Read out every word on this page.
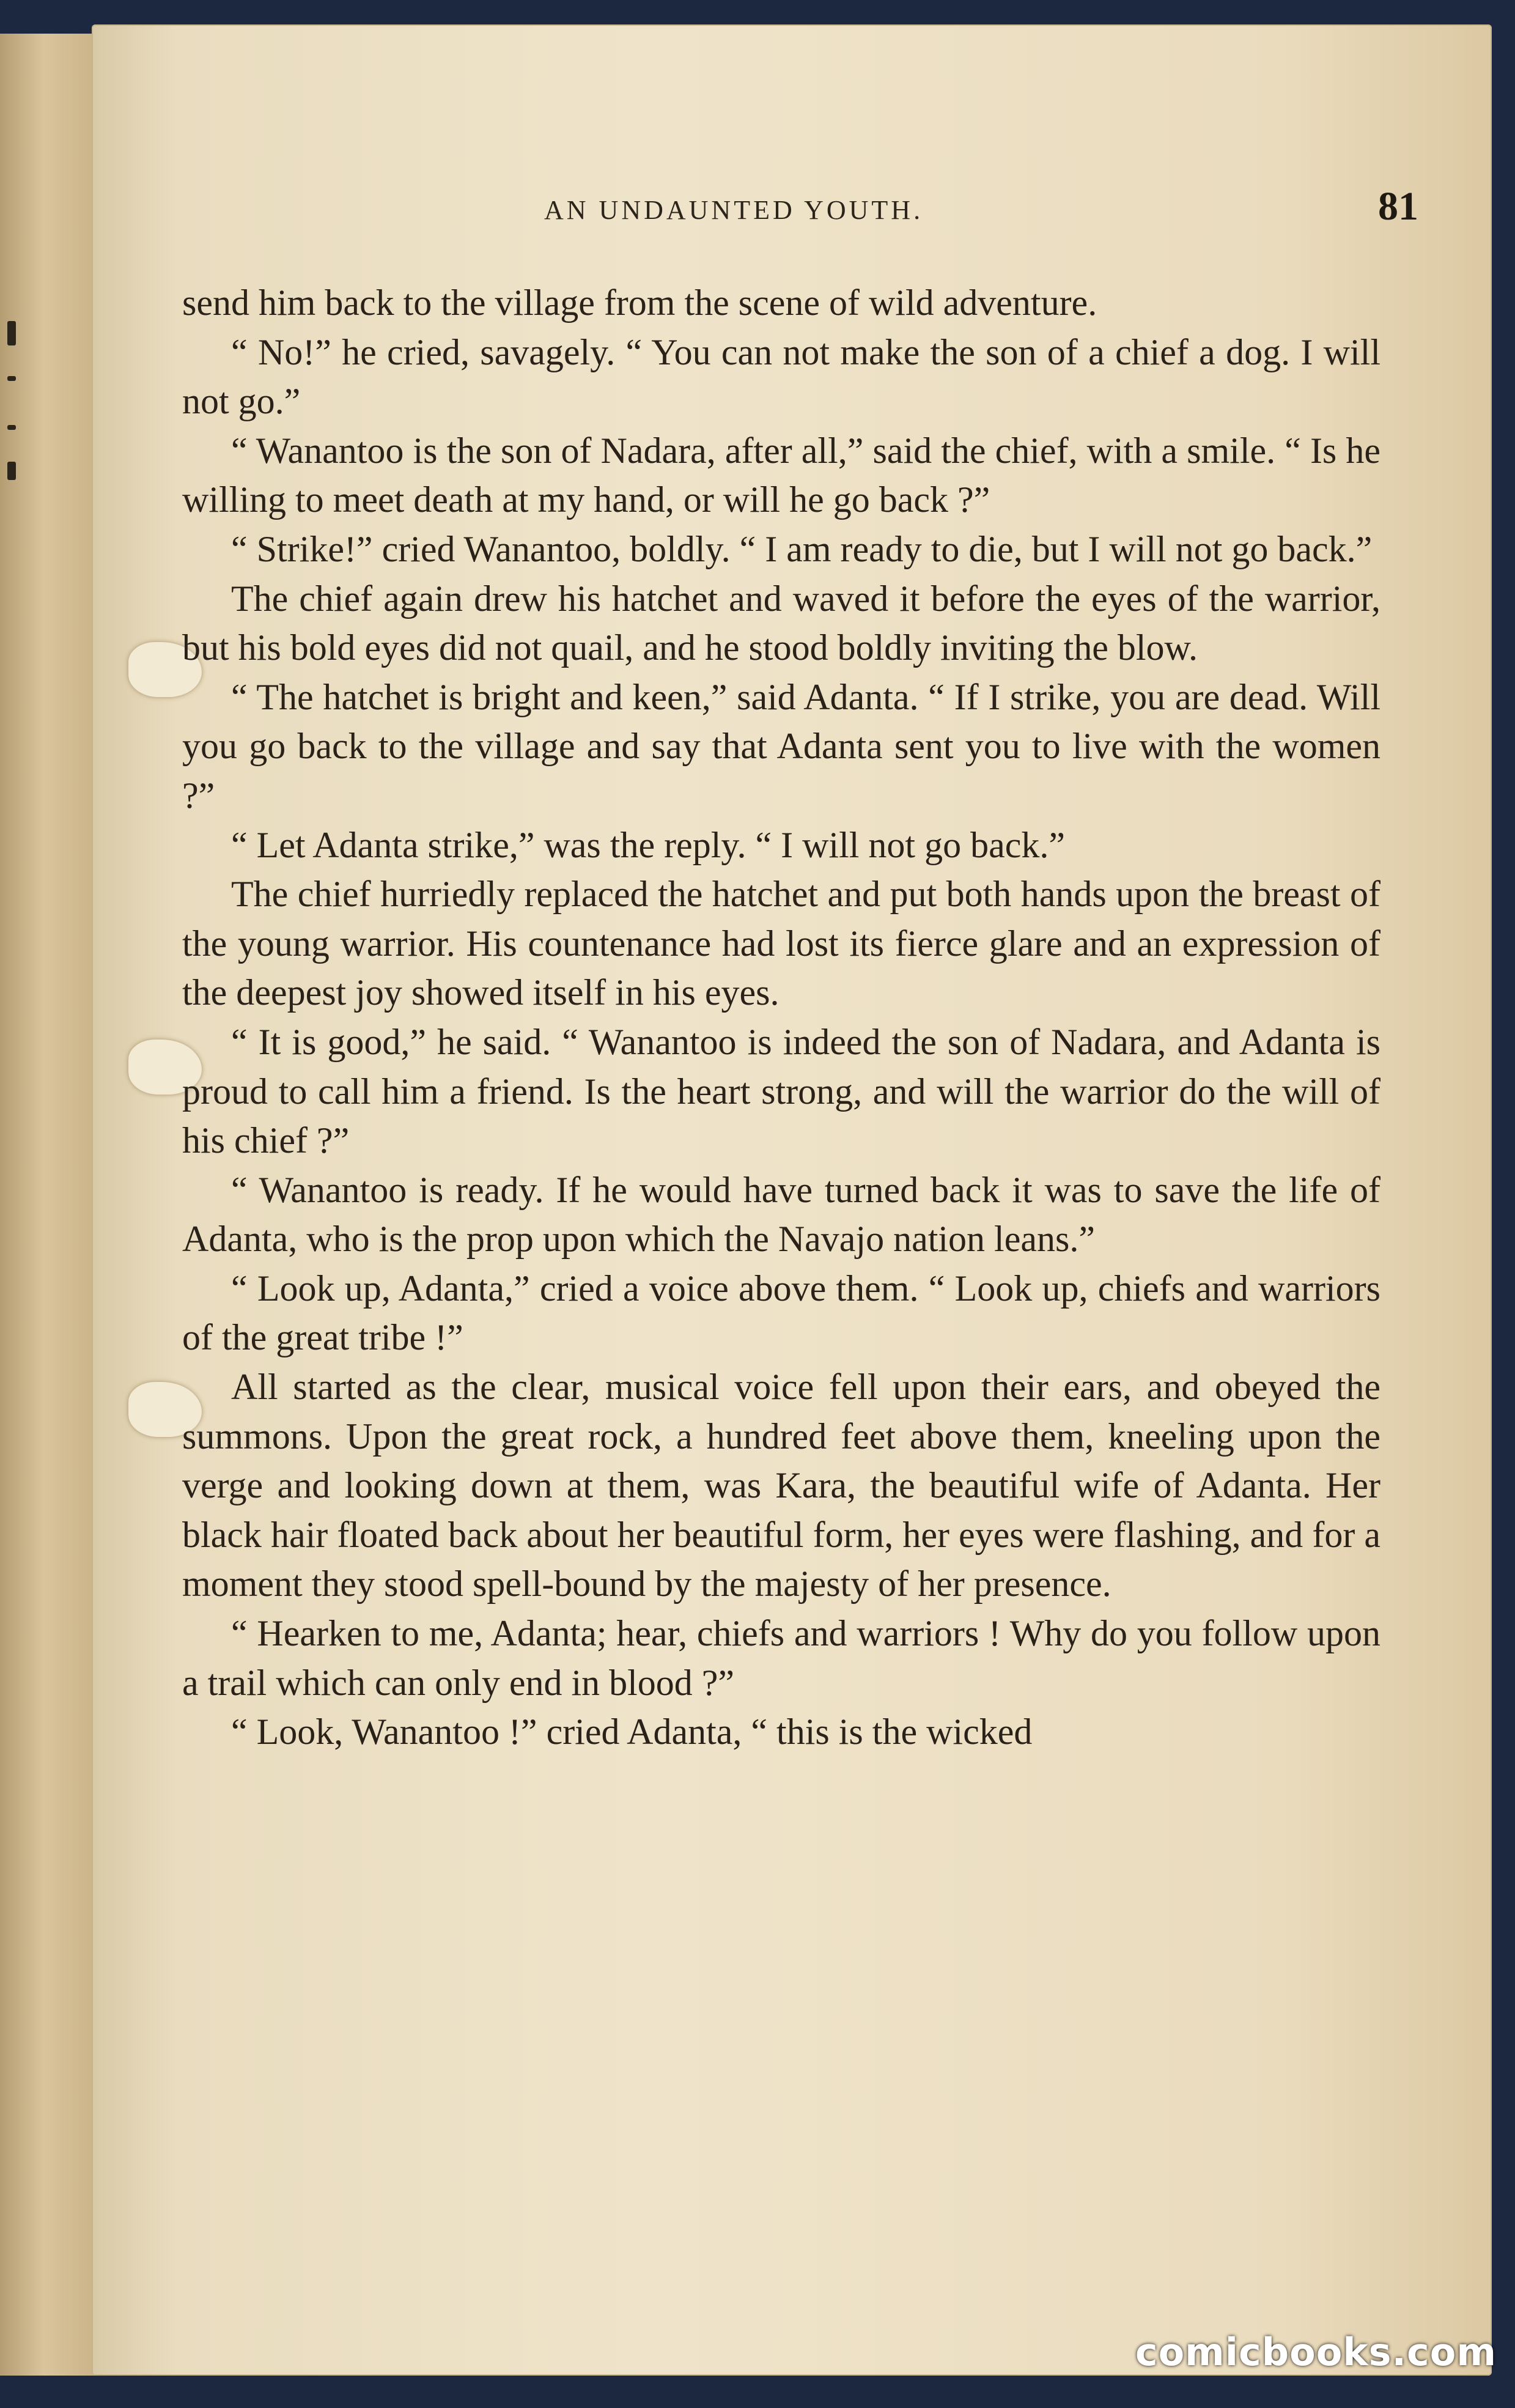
AN UNDAUNTED YOUTH.	81

send him back to the village from the scene of wild adventure.

“ No!” he cried, savagely. “ You can not make the son of a chief a dog. I will not go.”

“ Wanantoo is the son of Nadara, after all,” said the chief, with a smile. “ Is he willing to meet death at my hand, or will he go back ?”

“ Strike!” cried Wanantoo, boldly. “ I am ready to die, but I will not go back.”

The chief again drew his hatchet and waved it before the eyes of the warrior, but his bold eyes did not quail, and he stood boldly inviting the blow.

“ The hatchet is bright and keen,” said Adanta. “ If I strike, you are dead. Will you go back to the village and say that Adanta sent you to live with the women ?”

“ Let Adanta strike,” was the reply. “ I will not go back.”

The chief hurriedly replaced the hatchet and put both hands upon the breast of the young warrior. His countenance had lost its fierce glare and an expression of the deepest joy showed itself in his eyes.

“ It is good,” he said. “ Wanantoo is indeed the son of Nadara, and Adanta is proud to call him a friend. Is the heart strong, and will the warrior do the will of his chief ?”

“ Wanantoo is ready. If he would have turned back it was to save the life of Adanta, who is the prop upon which the Navajo nation leans.”

“ Look up, Adanta,” cried a voice above them. “ Look up, chiefs and warriors of the great tribe !”

All started as the clear, musical voice fell upon their ears, and obeyed the summons. Upon the great rock, a hundred feet above them, kneeling upon the verge and looking down at them, was Kara, the beautiful wife of Adanta. Her black hair floated back about her beautiful form, her eyes were flashing, and for a moment they stood spell-bound by the majesty of her presence.

“ Hearken to me, Adanta; hear, chiefs and warriors ! Why do you follow upon a trail which can only end in blood ?”

“ Look, Wanantoo !” cried Adanta, “ this is the wicked

comicbooks.com
